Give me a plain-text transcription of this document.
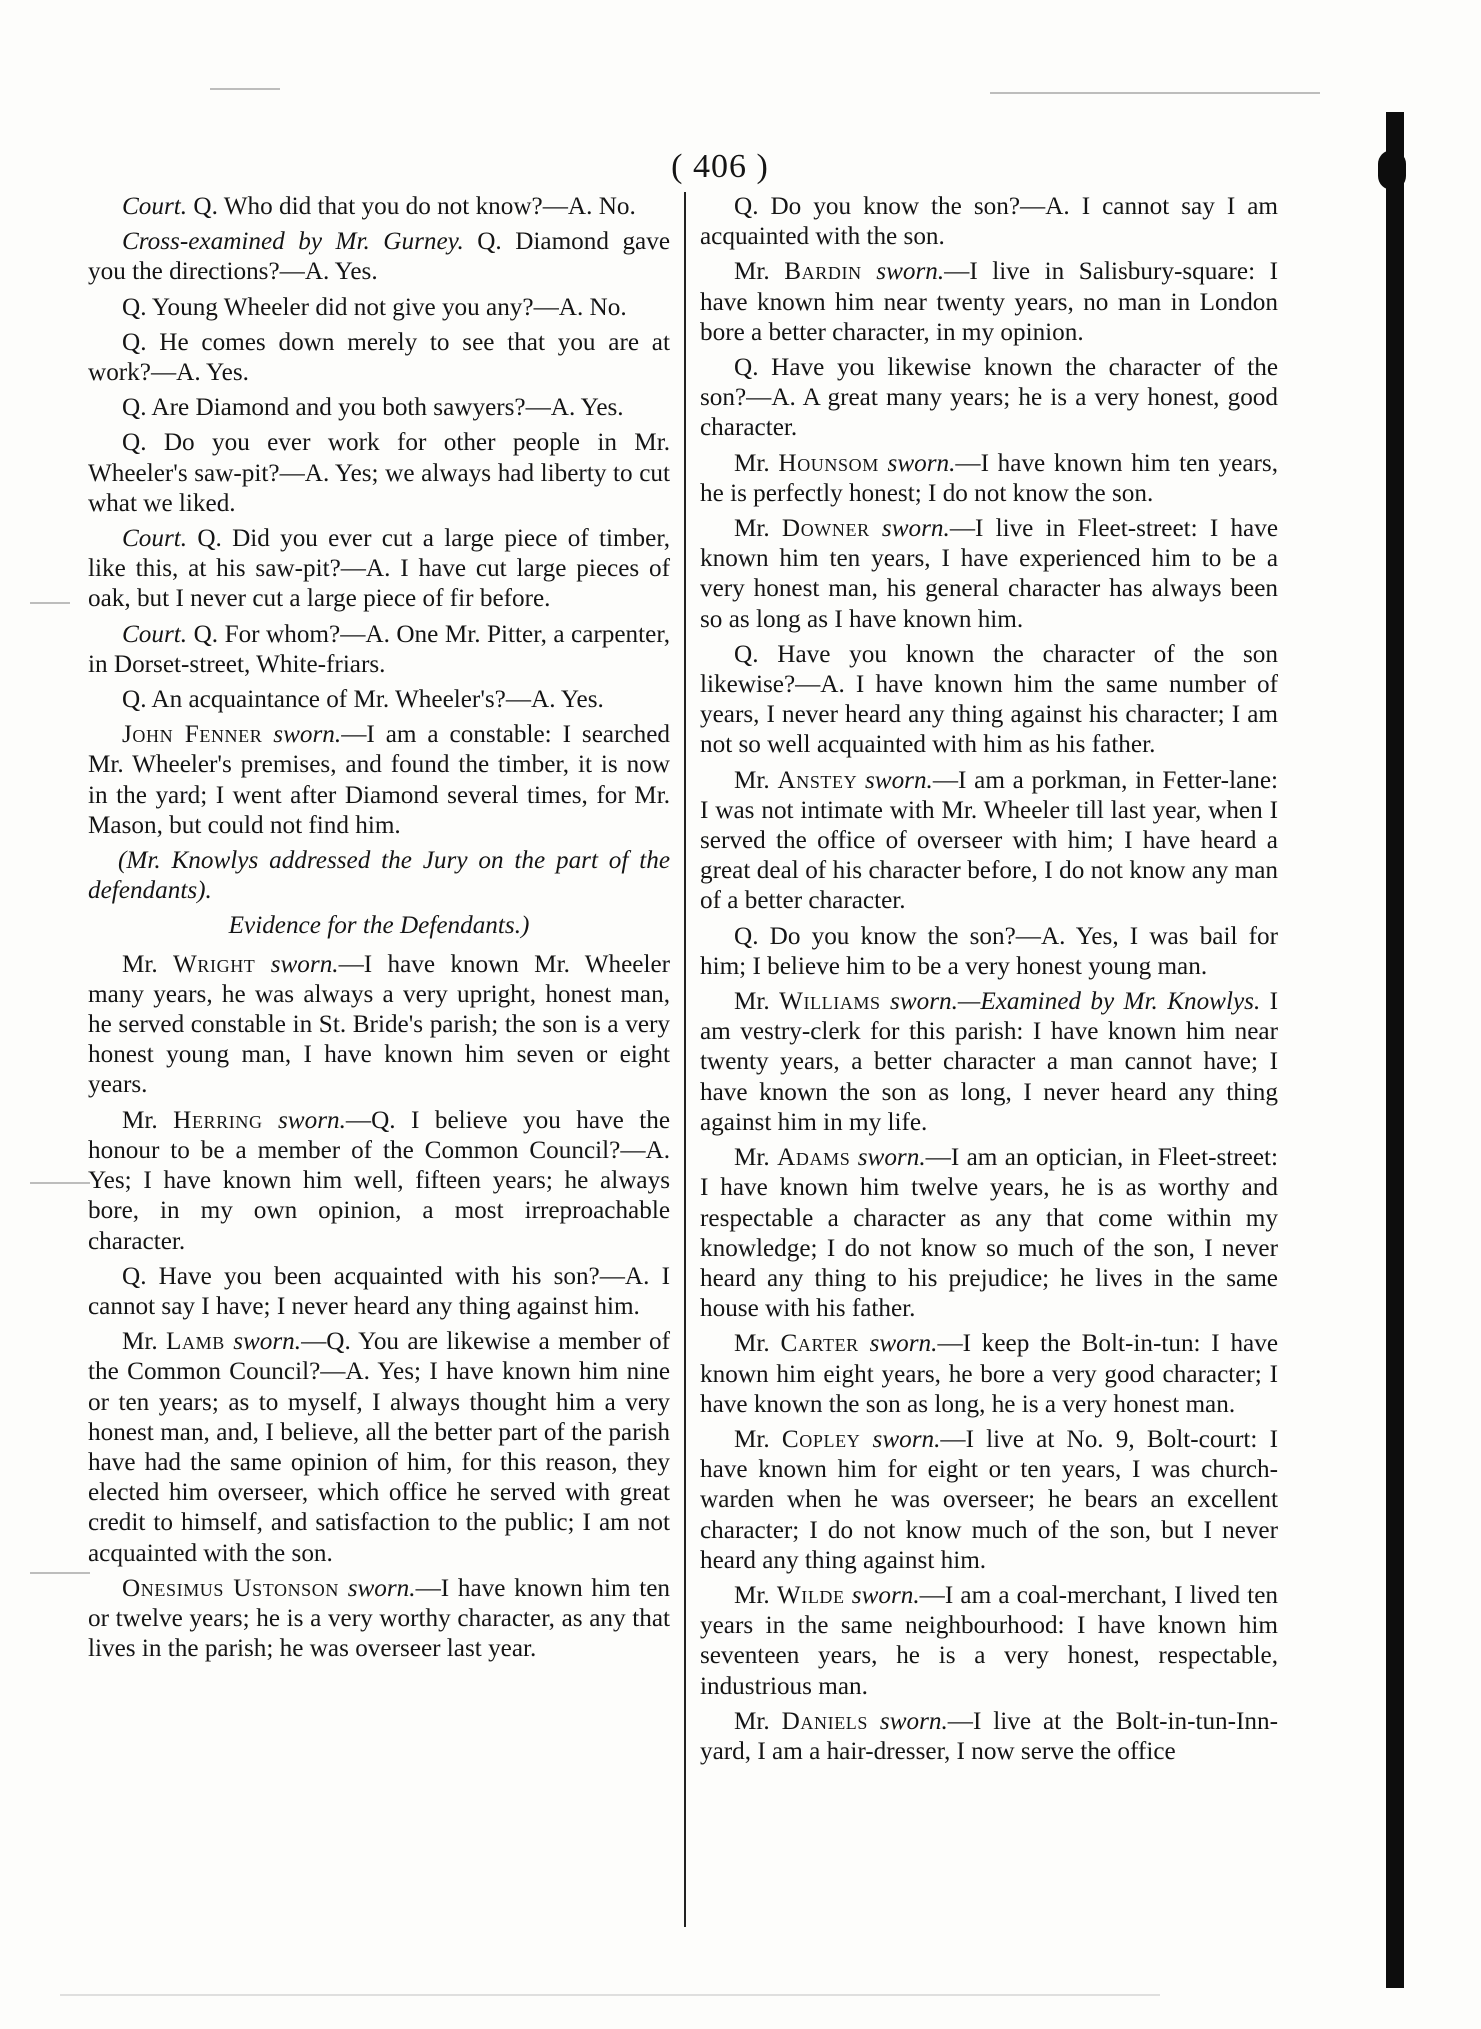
( 406 )

Court. Q. Who did that you do not know?—A. No.

Cross-examined by Mr. Gurney. Q. Diamond gave you the directions?—A. Yes.

Q. Young Wheeler did not give you any?—A. No.

Q. He comes down merely to see that you are at work?—A. Yes.

Q. Are Diamond and you both sawyers?—A. Yes.

Q. Do you ever work for other people in Mr. Wheeler's saw-pit?—A. Yes; we always had liberty to cut what we liked.

Court. Q. Did you ever cut a large piece of timber, like this, at his saw-pit?—A. I have cut large pieces of oak, but I never cut a large piece of fir before.

Court. Q. For whom?—A. One Mr. Pitter, a carpenter, in Dorset-street, White-friars.

Q. An acquaintance of Mr. Wheeler's?—A. Yes.

John Fenner sworn.—I am a constable: I searched Mr. Wheeler's premises, and found the timber, it is now in the yard; I went after Diamond several times, for Mr. Mason, but could not find him.

(Mr. Knowlys addressed the Jury on the part of the defendants).

Evidence for the Defendants.)

Mr. Wright sworn.—I have known Mr. Wheeler many years, he was always a very upright, honest man, he served constable in St. Bride's parish; the son is a very honest young man, I have known him seven or eight years.

Mr. Herring sworn.—Q. I believe you have the honour to be a member of the Common Council?—A. Yes; I have known him well, fifteen years; he always bore, in my own opinion, a most irreproachable character.

Q. Have you been acquainted with his son?—A. I cannot say I have; I never heard any thing against him.

Mr. Lamb sworn.—Q. You are likewise a member of the Common Council?—A. Yes; I have known him nine or ten years; as to myself, I always thought him a very honest man, and, I believe, all the better part of the parish have had the same opinion of him, for this reason, they elected him overseer, which office he served with great credit to himself, and satisfaction to the public; I am not acquainted with the son.

Onesimus Ustonson sworn.—I have known him ten or twelve years; he is a very worthy character, as any that lives in the parish; he was overseer last year.

Q. Do you know the son?—A. I cannot say I am acquainted with the son.

Mr. Bardin sworn.—I live in Salisbury-square: I have known him near twenty years, no man in London bore a better character, in my opinion.

Q. Have you likewise known the character of the son?—A. A great many years; he is a very honest, good character.

Mr. Hounsom sworn.—I have known him ten years, he is perfectly honest; I do not know the son.

Mr. Downer sworn.—I live in Fleet-street: I have known him ten years, I have experienced him to be a very honest man, his general character has always been so as long as I have known him.

Q. Have you known the character of the son likewise?—A. I have known him the same number of years, I never heard any thing against his character; I am not so well acquainted with him as his father.

Mr. Anstey sworn.—I am a porkman, in Fetter-lane: I was not intimate with Mr. Wheeler till last year, when I served the office of overseer with him; I have heard a great deal of his character before, I do not know any man of a better character.

Q. Do you know the son?—A. Yes, I was bail for him; I believe him to be a very honest young man.

Mr. Williams sworn.—Examined by Mr. Knowlys. I am vestry-clerk for this parish: I have known him near twenty years, a better character a man cannot have; I have known the son as long, I never heard any thing against him in my life.

Mr. Adams sworn.—I am an optician, in Fleet-street: I have known him twelve years, he is as worthy and respectable a character as any that come within my knowledge; I do not know so much of the son, I never heard any thing to his prejudice; he lives in the same house with his father.

Mr. Carter sworn.—I keep the Bolt-in-tun: I have known him eight years, he bore a very good character; I have known the son as long, he is a very honest man.

Mr. Copley sworn.—I live at No. 9, Bolt-court: I have known him for eight or ten years, I was church-warden when he was overseer; he bears an excellent character; I do not know much of the son, but I never heard any thing against him.

Mr. Wilde sworn.—I am a coal-merchant, I lived ten years in the same neighbourhood: I have known him seventeen years, he is a very honest, respectable, industrious man.

Mr. Daniels sworn.—I live at the Bolt-in-tun-Inn-yard, I am a hair-dresser, I now serve the office
